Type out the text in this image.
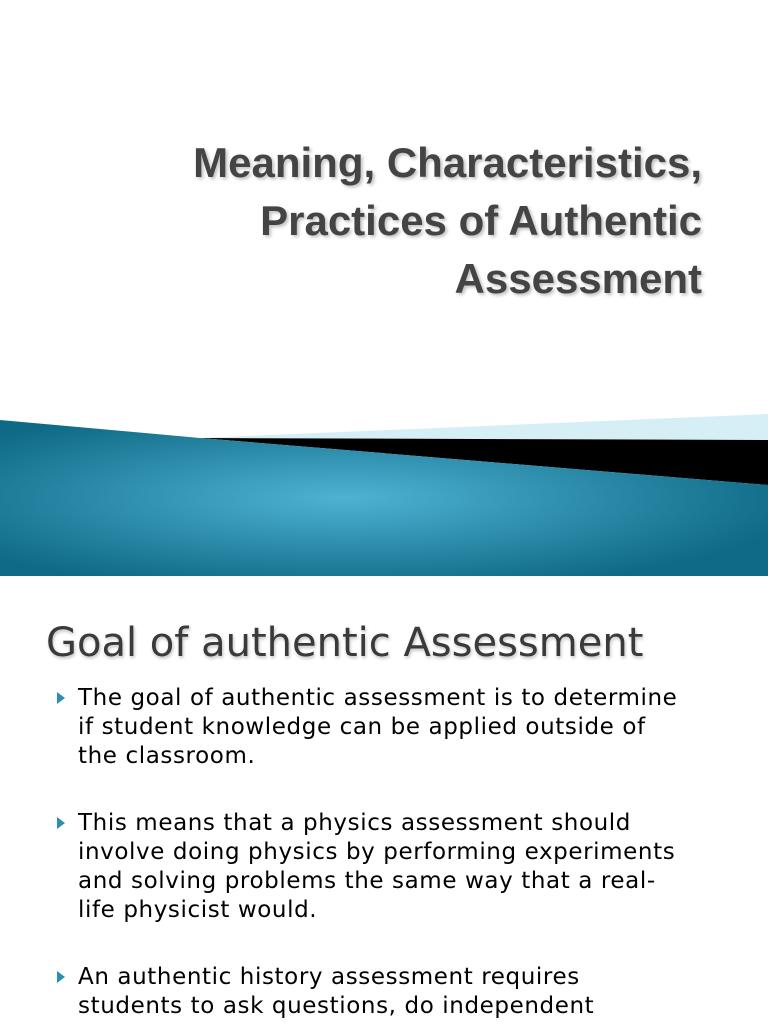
Meaning, Characteristics,
Practices of Authentic
Assessment
Goal of authentic Assessment
The goal of authentic assessment is to determine
if student knowledge can be applied outside of
the classroom.
This means that a physics assessment should
involve doing physics by performing experiments
and solving problems the same way that a real-
life physicist would.
An authentic history assessment requires
students to ask questions, do independent
